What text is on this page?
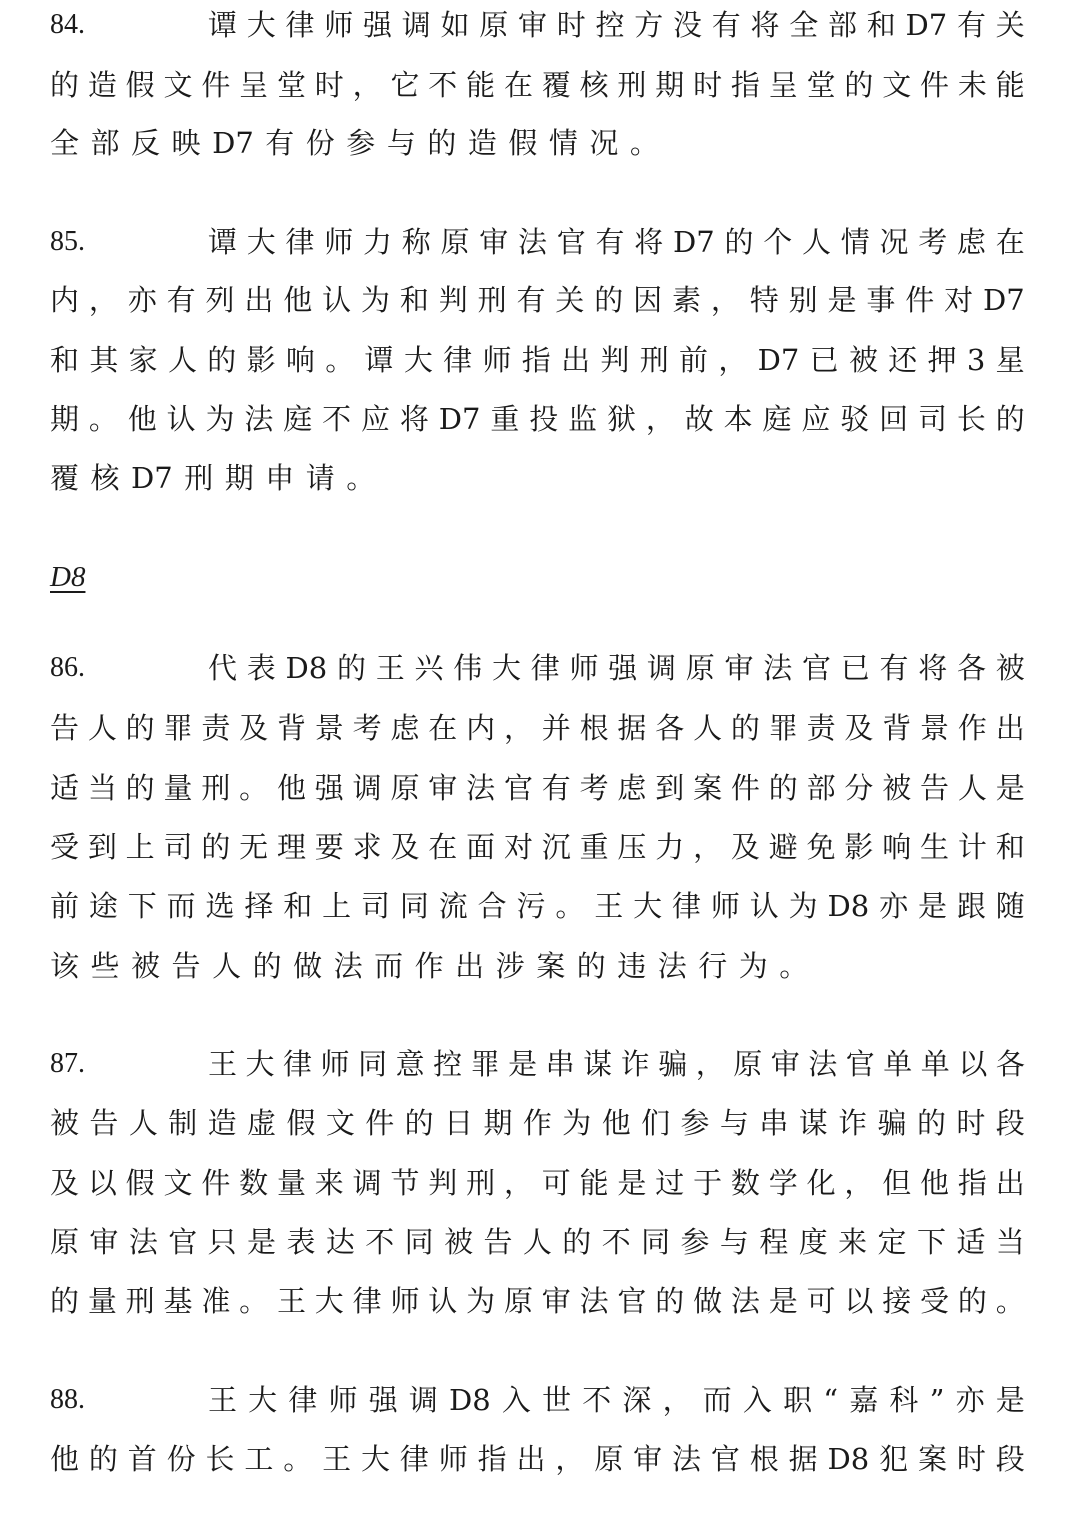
84.	谭 大 律 师 强 调 如 原 审 时 控 方 没 有 将 全 部 和 D7 有 关
的 造 假 文 件 呈 堂 时 ， 它 不 能 在 覆 核 刑 期 时 指 呈 堂 的 文 件 未 能
全 部 反 映 D7 有 份 参 与 的 造 假 情 况 。
85.	谭 大 律 师 力 称 原 审 法 官 有 将 D7 的 个 人 情 况 考 虑 在
内 ， 亦 有 列 出 他 认 为 和 判 刑 有 关 的 因 素 ， 特 别 是 事 件 对 D7
和 其 家 人 的 影 响 。 谭 大 律 师 指 出 判 刑 前 ， D7 已 被 还 押 3 星
期 。 他 认 为 法 庭 不 应 将 D7 重 投 监 狱 ， 故 本 庭 应 驳 回 司 长 的
覆 核 D7 刑 期 申 请 。
D8
86.	代 表 D8 的 王 兴 伟 大 律 师 强 调 原 审 法 官 已 有 将 各 被
告 人 的 罪 责 及 背 景 考 虑 在 内 ， 并 根 据 各 人 的 罪 责 及 背 景 作 出
适 当 的 量 刑 。 他 强 调 原 审 法 官 有 考 虑 到 案 件 的 部 分 被 告 人 是
受 到 上 司 的 无 理 要 求 及 在 面 对 沉 重 压 力 ， 及 避 免 影 响 生 计 和
前 途 下 而 选 择 和 上 司 同 流 合 污 。 王 大 律 师 认 为 D8 亦 是 跟 随
该 些 被 告 人 的 做 法 而 作 出 涉 案 的 违 法 行 为 。
87.	王 大 律 师 同 意 控 罪 是 串 谋 诈 骗 ， 原 审 法 官 单 单 以 各
被 告 人 制 造 虚 假 文 件 的 日 期 作 为 他 们 参 与 串 谋 诈 骗 的 时 段
及 以 假 文 件 数 量 来 调 节 判 刑 ， 可 能 是 过 于 数 学 化 ， 但 他 指 出
原 审 法 官 只 是 表 达 不 同 被 告 人 的 不 同 参 与 程 度 来 定 下 适 当
的 量 刑 基 准 。 王 大 律 师 认 为 原 审 法 官 的 做 法 是 可 以 接 受 的 。
88.	王 大 律 师 强 调 D8 入 世 不 深 ， 而 入 职 “ 嘉 科 ” 亦 是
他 的 首 份 长 工 。 王 大 律 师 指 出 ， 原 审 法 官 根 据 D8 犯 案 时 段
